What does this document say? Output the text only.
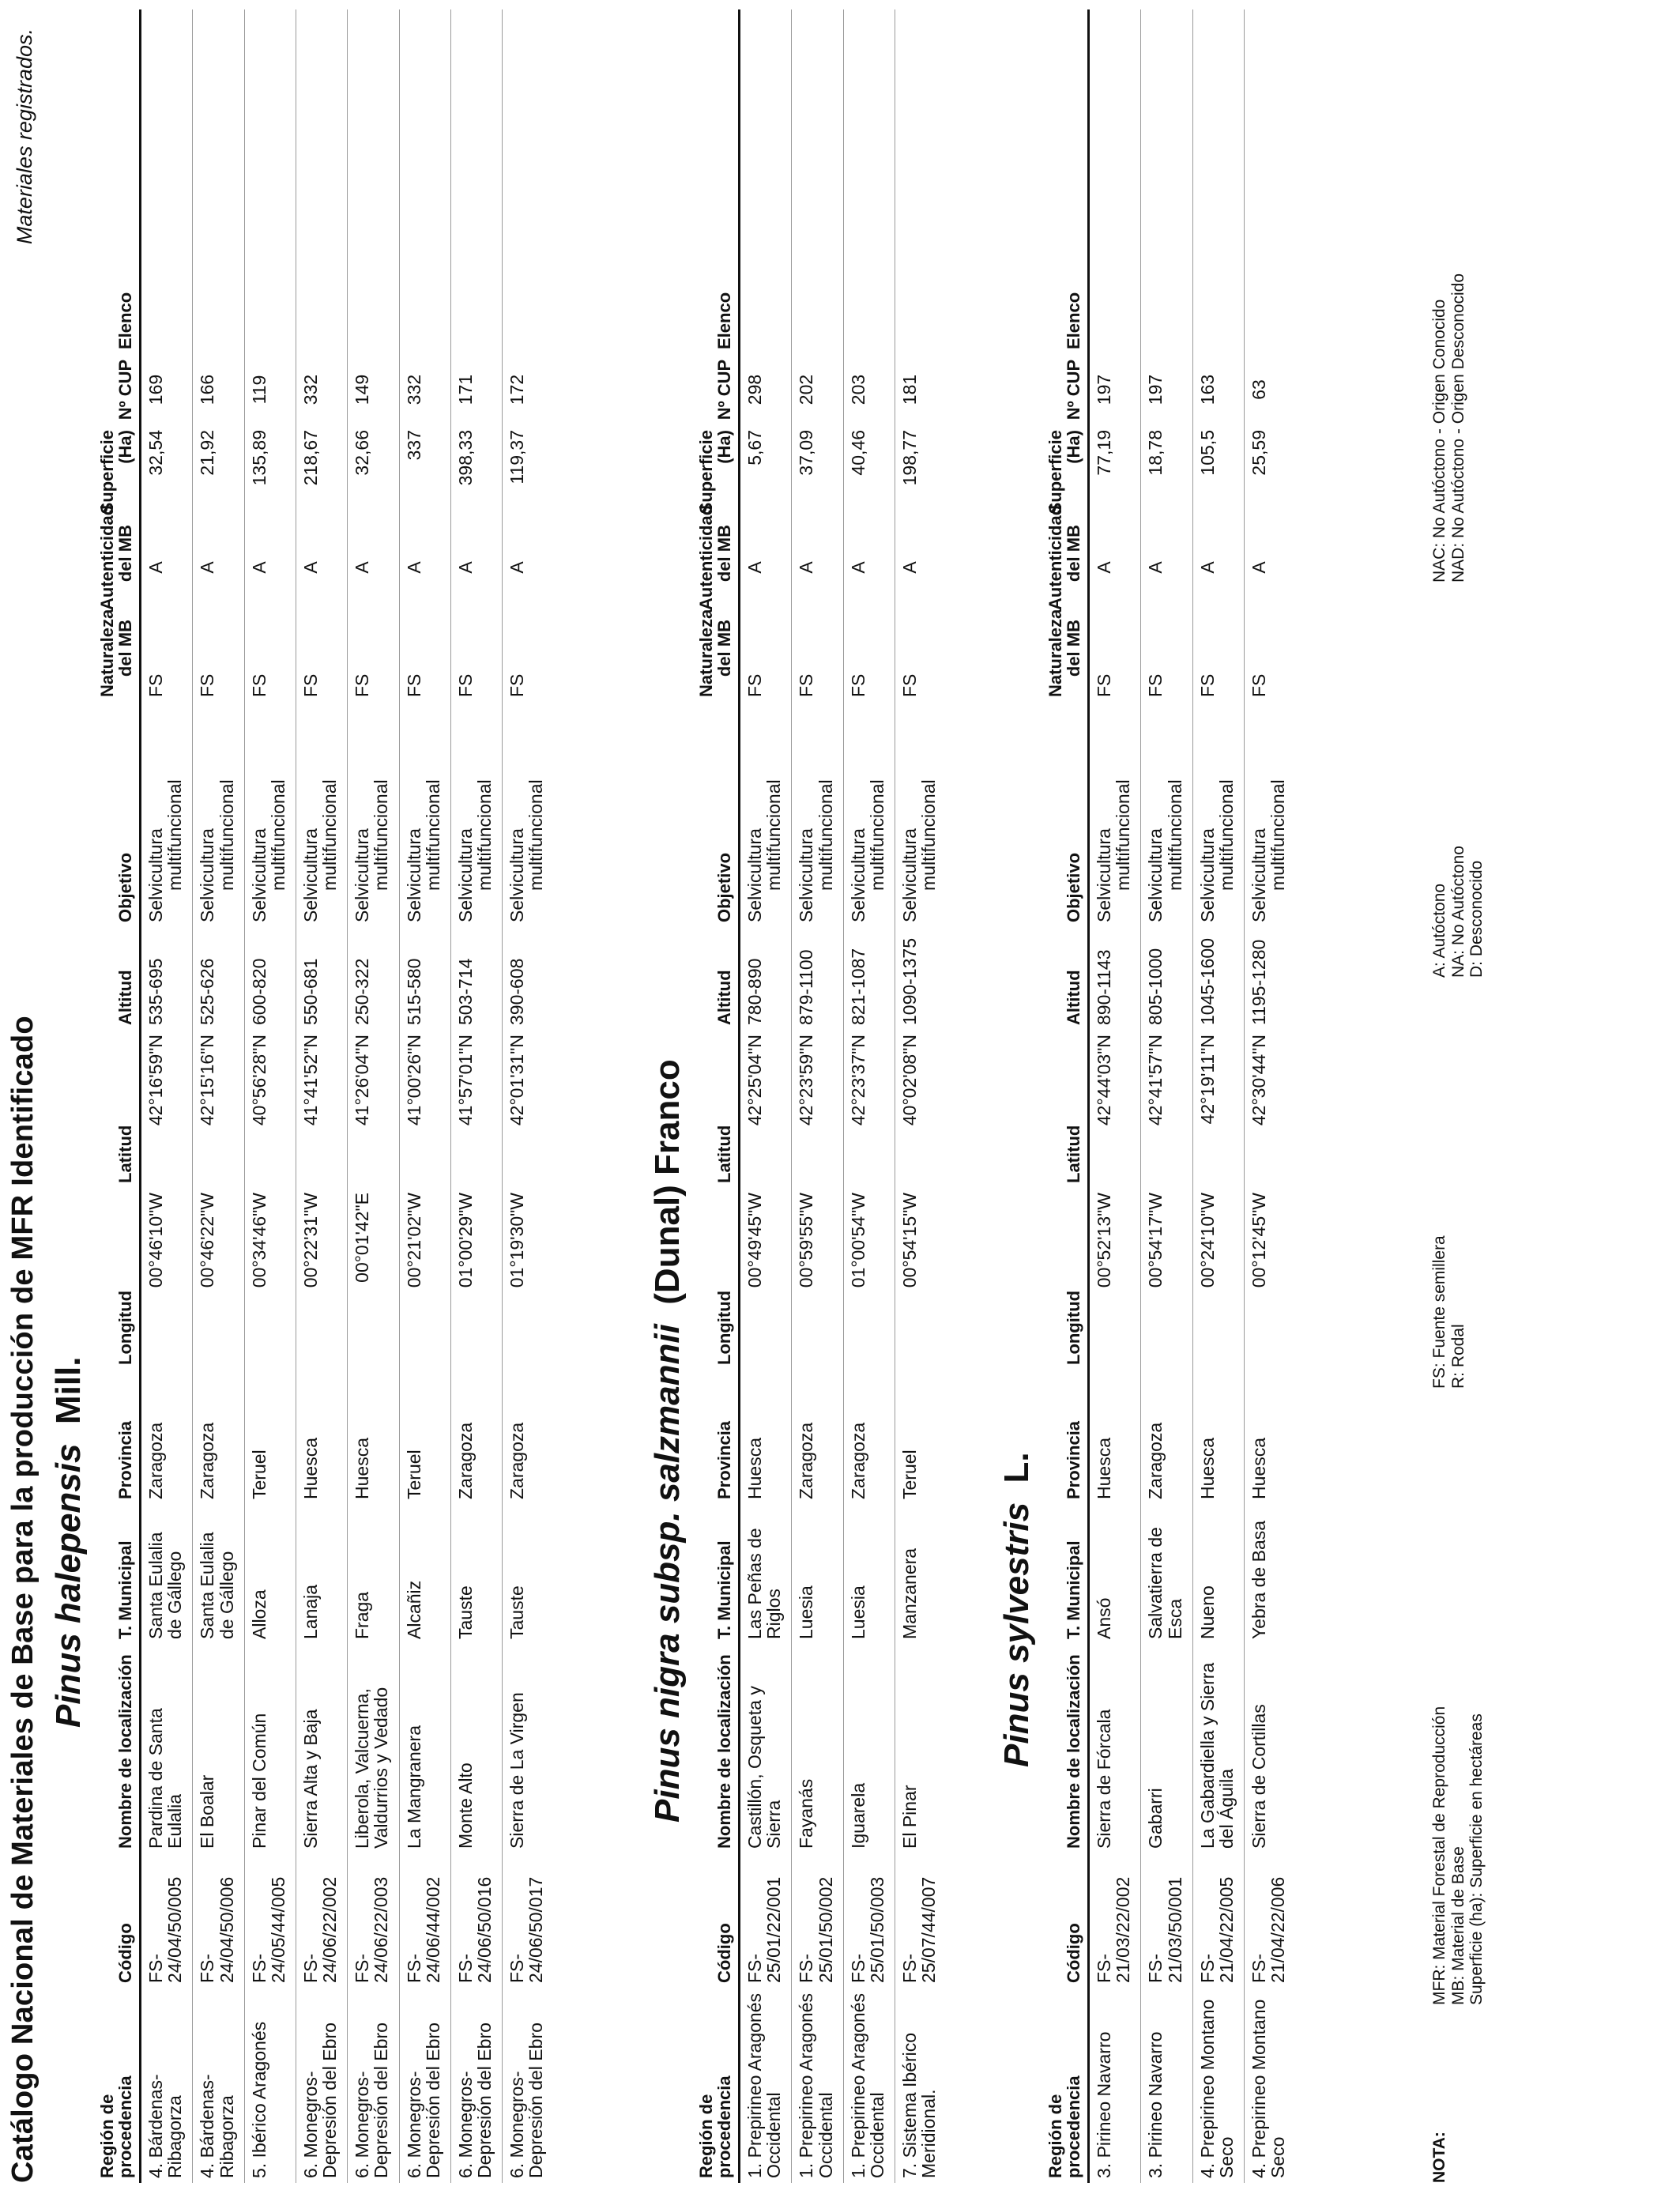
Catálogo Nacional de Materiales de Base para la producción de MFR Identificado
Materiales registrados.
Pinus halepensis  Mill.
Región de procedencia	Código	Nombre de localización	T. Municipal	Provincia	Longitud	Latitud	Altitud	Objetivo	Naturaleza del MB	Autenticidad del MB	Superficie (Ha)	Nº CUP	Elenco
4. Bárdenas-Ribagorza	FS-24/04/50/005	Pardina de Santa Eulalia	Santa Eulalia de Gállego	Zaragoza	00°46'10"W	42°16'59"N	535-695	Selvicultura
multifuncional	FS	A	32,54	169	
4. Bárdenas-Ribagorza	FS-24/04/50/006	El Boalar	Santa Eulalia de Gállego	Zaragoza	00°46'22"W	42°15'16"N	525-626	Selvicultura
multifuncional	FS	A	21,92	166	
5. Ibérico Aragonés	FS-24/05/44/005	Pinar del Común	Alloza	Teruel	00°34'46"W	40°56'28"N	600-820	Selvicultura
multifuncional	FS	A	135,89	119	
6. Monegros-Depresión del Ebro	FS-24/06/22/002	Sierra Alta y Baja	Lanaja	Huesca	00°22'31"W	41°41'52"N	550-681	Selvicultura
multifuncional	FS	A	218,67	332	
6. Monegros-Depresión del Ebro	FS-24/06/22/003	Liberola, Valcuerna, Valdurrios y Vedado	Fraga	Huesca	00°01'42"E	41°26'04"N	250-322	Selvicultura
multifuncional	FS	A	32,66	149	
6. Monegros-Depresión del Ebro	FS-24/06/44/002	La Mangranera	Alcañiz	Teruel	00°21'02"W	41°00'26"N	515-580	Selvicultura
multifuncional	FS	A	337	332	
6. Monegros-Depresión del Ebro	FS-24/06/50/016	Monte Alto	Tauste	Zaragoza	01°00'29"W	41°57'01"N	503-714	Selvicultura
multifuncional	FS	A	398,33	171	
6. Monegros-Depresión del Ebro	FS-24/06/50/017	Sierra de La Virgen	Tauste	Zaragoza	01°19'30"W	42°01'31"N	390-608	Selvicultura
multifuncional	FS	A	119,37	172	
Pinus nigra subsp. salzmannii  (Dunal) Franco
Región de procedencia	Código	Nombre de localización	T. Municipal	Provincia	Longitud	Latitud	Altitud	Objetivo	Naturaleza del MB	Autenticidad del MB	Superficie (Ha)	Nº CUP	Elenco
1. Prepirineo Aragonés Occidental	FS-25/01/22/001	Castillón, Osqueta y Sierra	Las Peñas de Riglos	Huesca	00°49'45"W	42°25'04"N	780-890	Selvicultura
multifuncional	FS	A	5,67	298	
1. Prepirineo Aragonés Occidental	FS-25/01/50/002	Fayanás	Luesia	Zaragoza	00°59'55"W	42°23'59"N	879-1100	Selvicultura
multifuncional	FS	A	37,09	202	
1. Prepirineo Aragonés Occidental	FS-25/01/50/003	Iguarela	Luesia	Zaragoza	01°00'54"W	42°23'37"N	821-1087	Selvicultura
multifuncional	FS	A	40,46	203	
7. Sistema Ibérico Meridional.	FS-25/07/44/007	El Pinar	Manzanera	Teruel	00°54'15"W	40°02'08"N	1090-1375	Selvicultura
multifuncional	FS	A	198,77	181	
Pinus sylvestris  L.
Región de procedencia	Código	Nombre de localización	T. Municipal	Provincia	Longitud	Latitud	Altitud	Objetivo	Naturaleza del MB	Autenticidad del MB	Superficie (Ha)	Nº CUP	Elenco
3. Pirineo Navarro	FS-21/03/22/002	Sierra de Fórcala	Ansó	Huesca	00°52'13"W	42°44'03"N	890-1143	Selvicultura
multifuncional	FS	A	77,19	197	
3. Pirineo Navarro	FS-21/03/50/001	Gabarri	Salvatierra de Esca	Zaragoza	00°54'17"W	42°41'57"N	805-1000	Selvicultura
multifuncional	FS	A	18,78	197	
4. Prepirineo Montano Seco	FS-21/04/22/005	La Gabardiella y Sierra del Águila	Nueno	Huesca	00°24'10"W	42°19'11"N	1045-1600	Selvicultura
multifuncional	FS	A	105,5	163	
4. Prepirineo Montano Seco	FS-21/04/22/006	Sierra de Cortillas	Yebra de Basa	Huesca	00°12'45"W	42°30'44"N	1195-1280	Selvicultura
multifuncional	FS	A	25,59	63	
NOTA:
MFR: Material Forestal de Reproducción MB: Material de Base Superficie (ha): Superficie en hectáreas
FS: Fuente semillera R: Rodal
A: Autóctono NA: No Autóctono D: Desconocido
NAC: No Autóctono - Origen Conocido NAD: No Autóctono - Origen Desconocido
